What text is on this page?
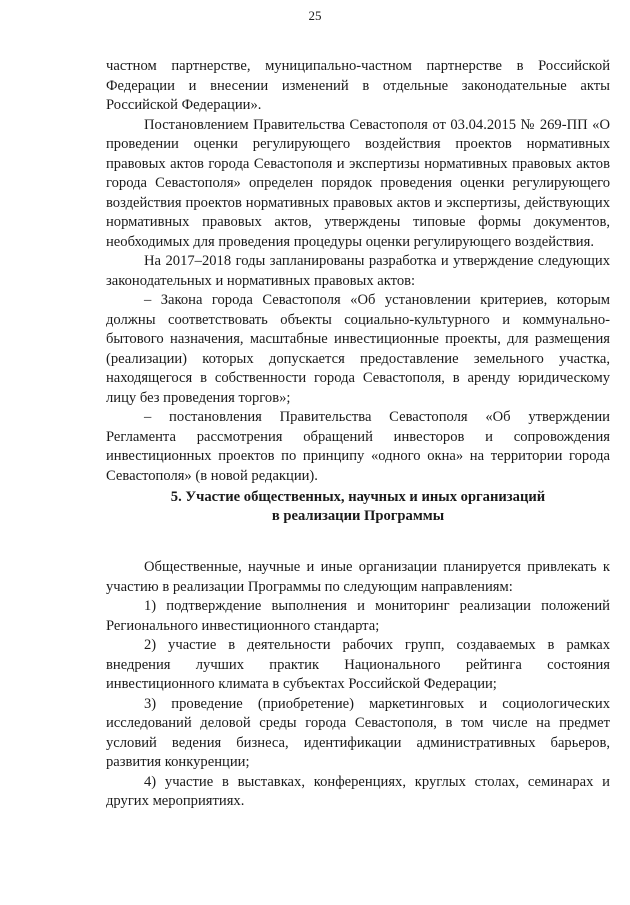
25

частном партнерстве, муниципально-частном партнерстве в Российской Федерации и внесении изменений в отдельные законодательные акты Российской Федерации».

Постановлением Правительства Севастополя от 03.04.2015 № 269-ПП «О проведении оценки регулирующего воздействия проектов нормативных правовых актов города Севастополя и экспертизы нормативных правовых актов города Севастополя» определен порядок проведения оценки регулирующего воздействия проектов нормативных правовых актов и экспертизы, действующих нормативных правовых актов, утверждены типовые формы документов, необходимых для проведения процедуры оценки регулирующего воздействия.

На 2017–2018 годы запланированы разработка и утверждение следующих законодательных и нормативных правовых актов:

– Закона города Севастополя «Об установлении критериев, которым должны соответствовать объекты социально-культурного и коммунально-бытового назначения, масштабные инвестиционные проекты, для размещения (реализации) которых допускается предоставление земельного участка, находящегося в собственности города Севастополя, в аренду юридическому лицу без проведения торгов»;

– постановления Правительства Севастополя «Об утверждении Регламента рассмотрения обращений инвесторов и сопровождения инвестиционных проектов по принципу «одного окна» на территории города Севастополя» (в новой редакции).

5. Участие общественных, научных и иных организаций
в реализации Программы

Общественные, научные и иные организации планируется привлекать к участию в реализации Программы по следующим направлениям:

1) подтверждение выполнения и мониторинг реализации положений Регионального инвестиционного стандарта;

2) участие в деятельности рабочих групп, создаваемых в рамках внедрения лучших практик Национального рейтинга состояния инвестиционного климата в субъектах Российской Федерации;

3) проведение (приобретение) маркетинговых и социологических исследований деловой среды города Севастополя, в том числе на предмет условий ведения бизнеса, идентификации административных барьеров, развития конкуренции;

4) участие в выставках, конференциях, круглых столах, семинарах и других мероприятиях.
